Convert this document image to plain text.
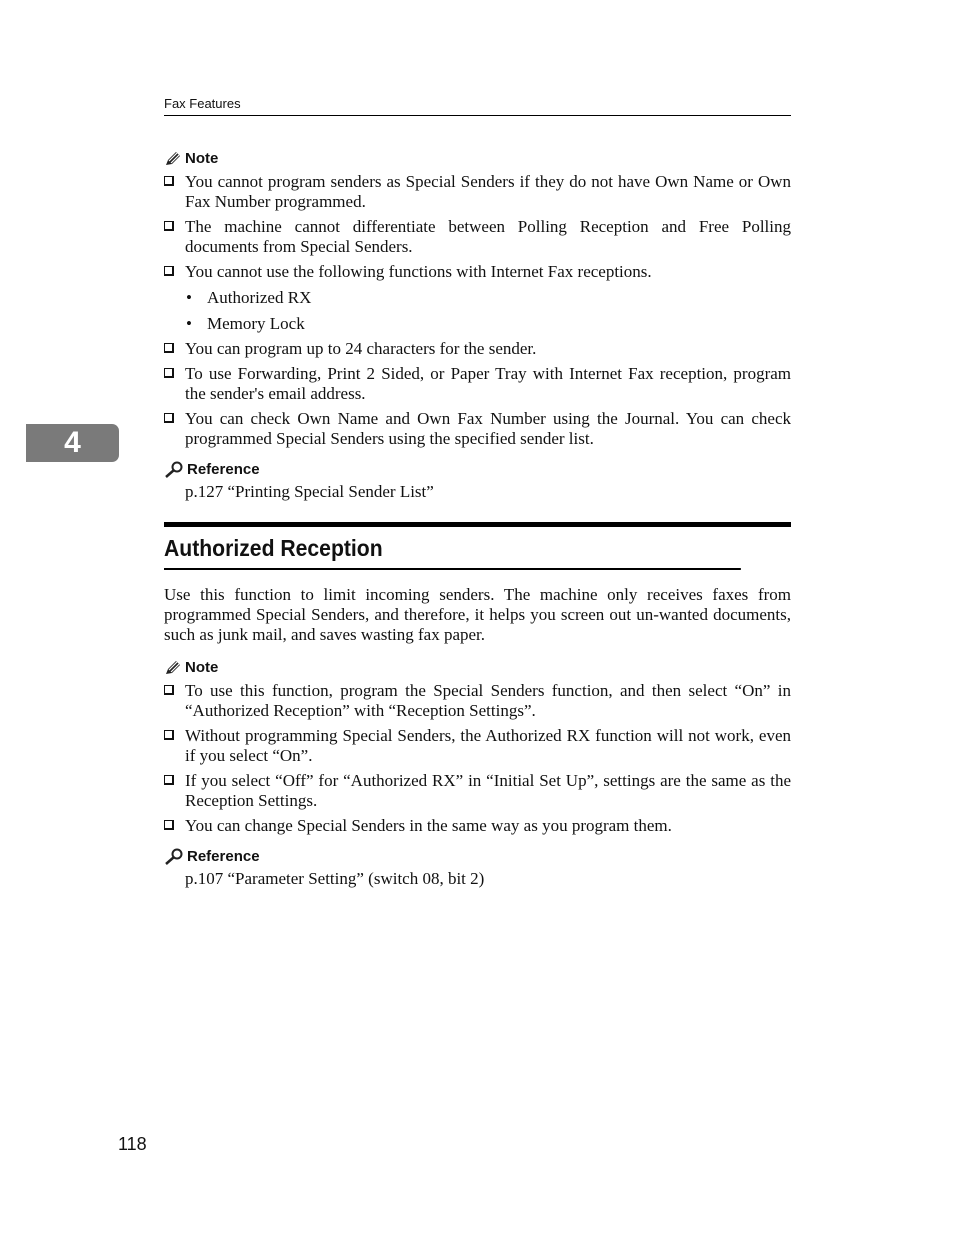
Fax Features
4
Note
You cannot program senders as Special Senders if they do not have Own Name or Own Fax Number programmed.
The machine cannot differentiate between Polling Reception and Free Polling documents from Special Senders.
You cannot use the following functions with Internet Fax receptions.
• Authorized RX
• Memory Lock
You can program up to 24 characters for the sender.
To use Forwarding, Print 2 Sided, or Paper Tray with Internet Fax reception, program the sender's email address.
You can check Own Name and Own Fax Number using the Journal. You can check programmed Special Senders using the specified sender list.
Reference
p.127 “Printing Special Sender List”
Authorized Reception
Use this function to limit incoming senders. The machine only receives faxes from programmed Special Senders, and therefore, it helps you screen out un-wanted documents, such as junk mail, and saves wasting fax paper.
Note
To use this function, program the Special Senders function, and then select “On” in “Authorized Reception” with “Reception Settings”.
Without programming Special Senders, the Authorized RX function will not work, even if you select “On”.
If you select “Off” for “Authorized RX” in “Initial Set Up”, settings are the same as the Reception Settings.
You can change Special Senders in the same way as you program them.
Reference
p.107 “Parameter Setting” (switch 08, bit 2)
118
